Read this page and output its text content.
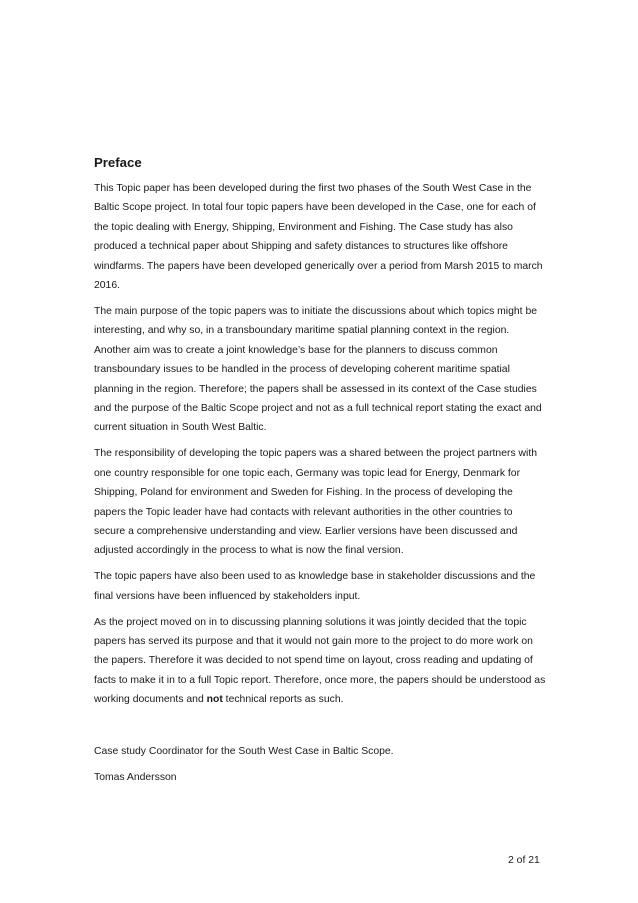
Preface

This Topic paper has been developed during the first two phases of the South West Case in the Baltic Scope project. In total four topic papers have been developed in the Case, one for each of the topic dealing with Energy, Shipping, Environment and Fishing. The Case study has also produced a technical paper about Shipping and safety distances to structures like offshore windfarms. The papers have been developed generically over a period from Marsh 2015 to march 2016.

The main purpose of the topic papers was to initiate the discussions about which topics might be interesting, and why so, in a transboundary maritime spatial planning context in the region. Another aim was to create a joint knowledge’s base for the planners to discuss common transboundary issues to be handled in the process of developing coherent maritime spatial planning in the region. Therefore; the papers shall be assessed in its context of the Case studies and the purpose of the Baltic Scope project and not as a full technical report stating the exact and current situation in South West Baltic.

The responsibility of developing the topic papers was a shared between the project partners with one country responsible for one topic each, Germany was topic lead for Energy, Denmark for Shipping, Poland for environment and Sweden for Fishing. In the process of developing the papers the Topic leader have had contacts with relevant authorities in the other countries to secure a comprehensive understanding and view. Earlier versions have been discussed and adjusted accordingly in the process to what is now the final version.

The topic papers have also been used to as knowledge base in stakeholder discussions and the final versions have been influenced by stakeholders input.

As the project moved on in to discussing planning solutions it was jointly decided that the topic papers has served its purpose and that it would not gain more to the project to do more work on the papers. Therefore it was decided to not spend time on layout, cross reading and updating of facts to make it in to a full Topic report. Therefore, once more, the papers should be understood as working documents and not technical reports as such.

Case study Coordinator for the South West Case in Baltic Scope.

Tomas Andersson

2 of 21
